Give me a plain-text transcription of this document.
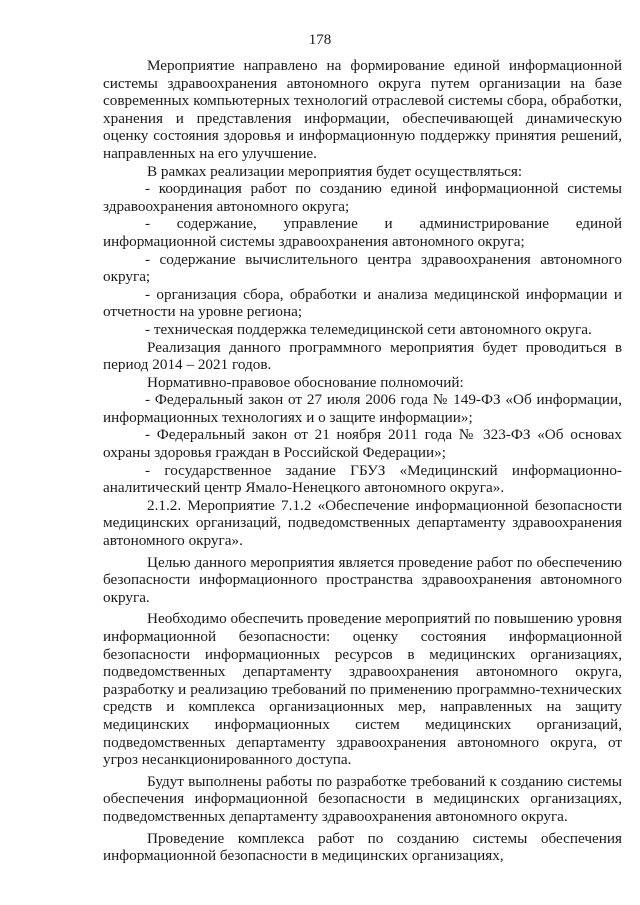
178

Мероприятие направлено на формирование единой информационной системы здравоохранения автономного округа путем организации на базе современных компьютерных технологий отраслевой системы сбора, обработки, хранения и представления информации, обеспечивающей динамическую оценку состояния здоровья и информационную поддержку принятия решений, направленных на его улучшение.

В рамках реализации мероприятия будет осуществляться:

- координация работ по созданию единой информационной системы здравоохранения автономного округа;

- содержание, управление и администрирование единой информационной системы здравоохранения автономного округа;

- содержание вычислительного центра здравоохранения автономного округа;

- организация сбора, обработки и анализа медицинской информации и отчетности на уровне региона;

- техническая поддержка телемедицинской сети автономного округа.

Реализация данного программного мероприятия будет проводиться в период 2014 – 2021 годов.

Нормативно-правовое обоснование полномочий:

- Федеральный закон от 27 июля 2006 года № 149-ФЗ «Об информации, информационных технологиях и о защите информации»;

- Федеральный закон от 21 ноября 2011 года № 323-ФЗ «Об основах охраны здоровья граждан в Российской Федерации»;

- государственное задание ГБУЗ «Медицинский информационно-аналитический центр Ямало-Ненецкого автономного округа».

2.1.2. Мероприятие 7.1.2 «Обеспечение информационной безопасности медицинских организаций, подведомственных департаменту здравоохранения автономного округа».

Целью данного мероприятия является проведение работ по обеспечению безопасности информационного пространства здравоохранения автономного округа.

Необходимо обеспечить проведение мероприятий по повышению уровня информационной безопасности: оценку состояния информационной безопасности информационных ресурсов в медицинских организациях, подведомственных департаменту здравоохранения автономного округа, разработку и реализацию требований по применению программно-технических средств и комплекса организационных мер, направленных на защиту медицинских информационных систем медицинских организаций, подведомственных департаменту здравоохранения автономного округа, от угроз несанкционированного доступа.

Будут выполнены работы по разработке требований к созданию системы обеспечения информационной безопасности в медицинских организациях, подведомственных департаменту здравоохранения автономного округа.

Проведение комплекса работ по созданию системы обеспечения информационной безопасности в медицинских организациях,
